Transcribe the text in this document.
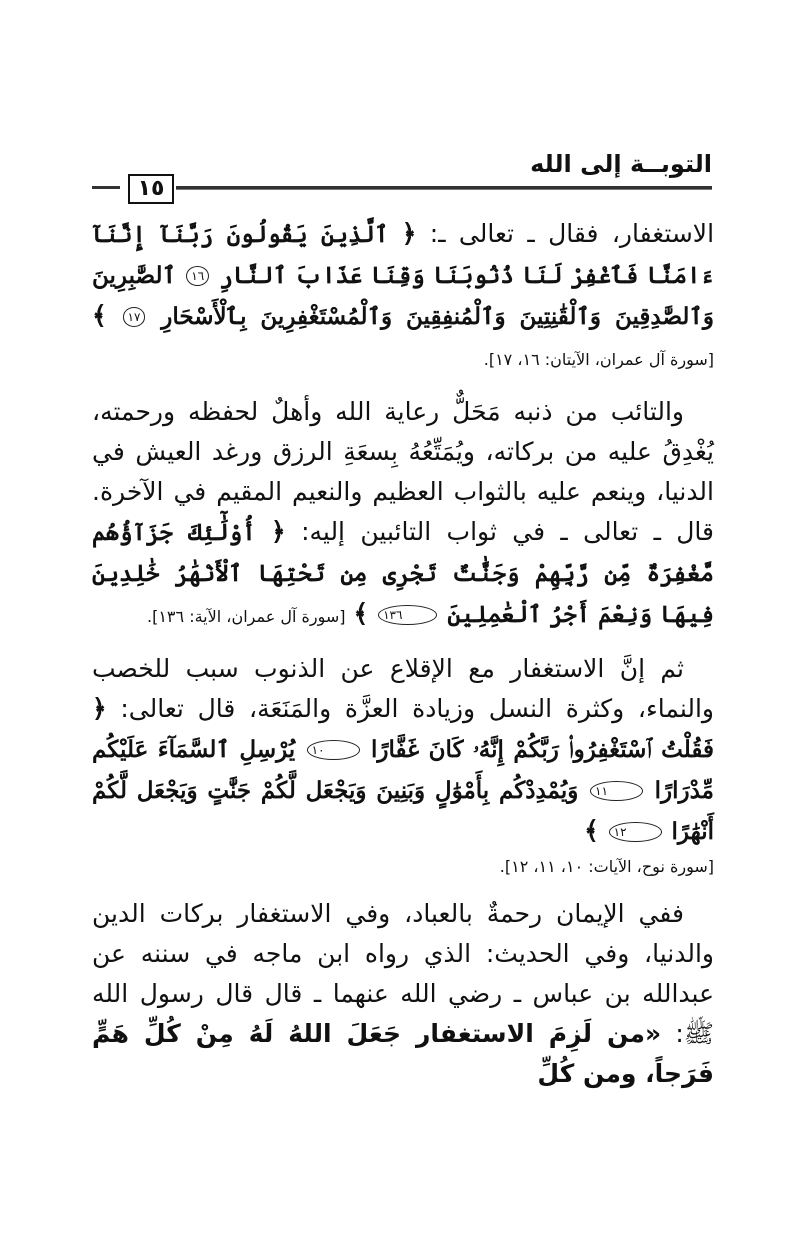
١٥
التوبــة إلى الله

الاستغفار، فقال ـ تعالى ـ: ﴿ ٱلَّذِينَ يَقُولُونَ رَبَّنَآ إِنَّنَآ ءَامَنَّا فَٱغْفِرْ لَنَا ذُنُوبَنَا وَقِنَا عَذَابَ ٱلنَّارِ ١٦ ٱلصَّٰبِرِينَ وَٱلصَّٰدِقِينَ وَٱلْقَٰنِتِينَ وَٱلْمُنفِقِينَ وَٱلْمُسْتَغْفِرِينَ بِٱلْأَسْحَارِ ١٧ ﴾ [سورة آل عمران، الآيتان: ١٦، ١٧].

والتائب من ذنبه مَحَلٌّ رعاية الله وأهلٌ لحفظه ورحمته، يُغْدِقُ عليه من بركاته، ويُمَتِّعُهُ بِسعَةِ الرزق ورغد العيش في الدنيا، وينعم عليه بالثواب العظيم والنعيم المقيم في الآخرة. قال ـ تعالى ـ في ثواب التائبين إليه: ﴿ أُوْلَٰٓئِكَ جَزَآؤُهُم مَّغْفِرَةٌ مِّن رَّبِّهِمْ وَجَنَّٰتٌ تَجْرِى مِن تَحْتِهَا ٱلْأَنْهَٰرُ خَٰلِدِينَ فِيهَا وَنِعْمَ أَجْرُ ٱلْعَٰمِلِينَ ١٣٦ ﴾ [سورة آل عمران، الآية: ١٣٦].

ثم إنَّ الاستغفار مع الإقلاع عن الذنوب سبب للخصب والنماء، وكثرة النسل وزيادة العزَّة والمَنَعَة، قال تعالى: ﴿ فَقُلْتُ ٱسْتَغْفِرُوا۟ رَبَّكُمْ إِنَّهُۥ كَانَ غَفَّارًا ١٠ يُرْسِلِ ٱلسَّمَآءَ عَلَيْكُم مِّدْرَارًا ١١ وَيُمْدِدْكُم بِأَمْوَٰلٍ وَبَنِينَ وَيَجْعَل لَّكُمْ جَنَّٰتٍ وَيَجْعَل لَّكُمْ أَنْهَٰرًا ١٢ ﴾

[سورة نوح، الآيات: ١٠، ١١، ١٢].

ففي الإيمان رحمةٌ بالعباد، وفي الاستغفار بركات الدين والدنيا، وفي الحديث: الذي رواه ابن ماجه في سننه عن عبدالله بن عباس ـ رضي الله عنهما ـ قال قال رسول الله ﷺ: «من لَزِمَ الاستغفار جَعَلَ اللهُ لَهُ مِنْ كُلِّ هَمٍّ فَرَجاً، ومن كُلِّ
